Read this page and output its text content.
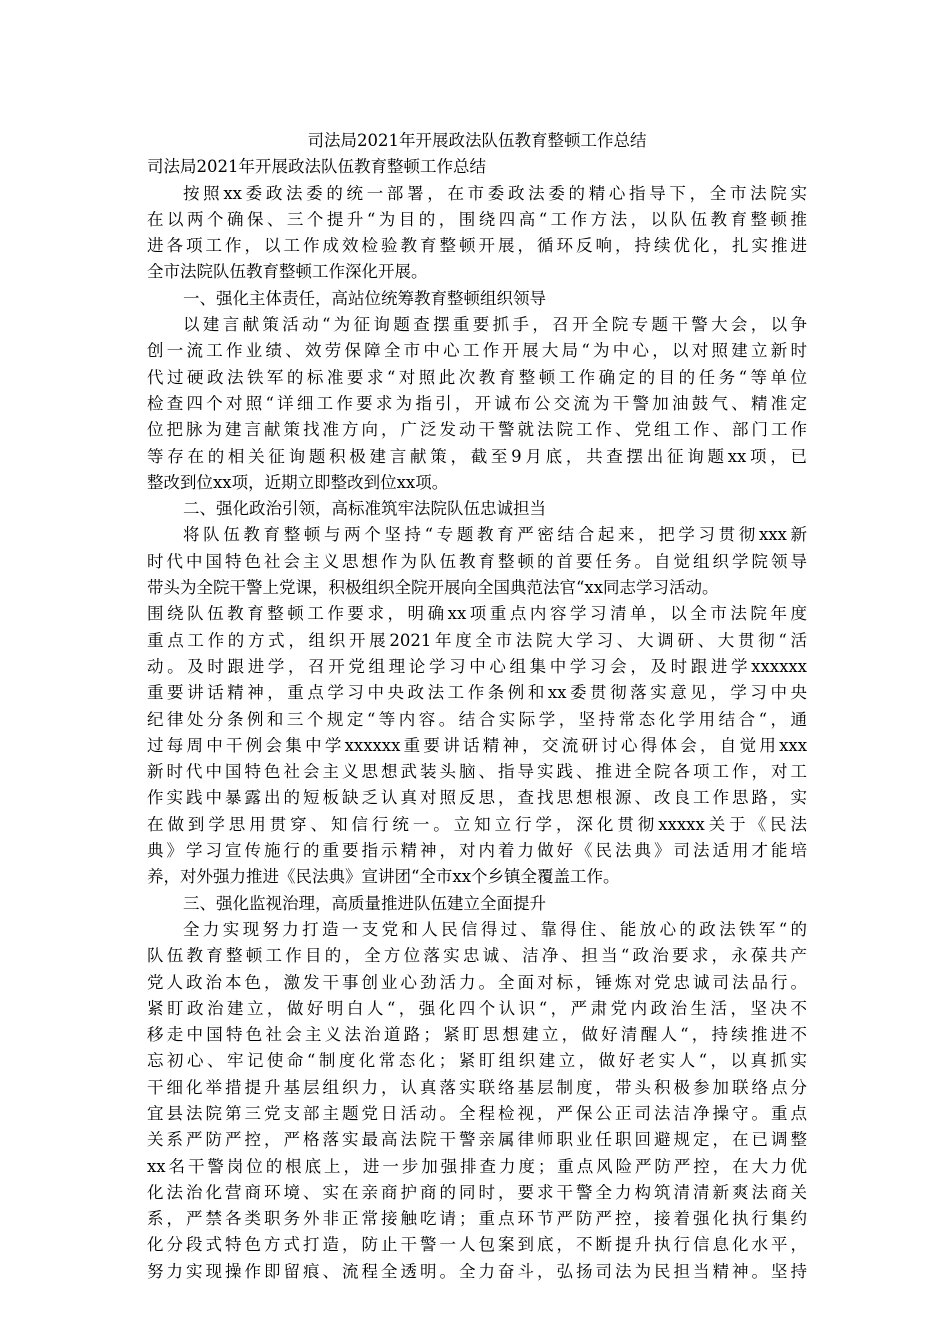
司法局2021年开展政法队伍教育整顿工作总结
司法局2021年开展政法队伍教育整顿工作总结
按照xx委政法委的统一部署，在市委政法委的精心指导下，全市法院实
在以两个确保、三个提升“为目的，围绕四高“工作方法，以队伍教育整顿推
进各项工作，以工作成效检验教育整顿开展，循环反响，持续优化，扎实推进
全市法院队伍教育整顿工作深化开展。
一、强化主体责任，高站位统筹教育整顿组织领导
以建言献策活动“为征询题查摆重要抓手，召开全院专题干警大会，以争
创一流工作业绩、效劳保障全市中心工作开展大局“为中心，以对照建立新时
代过硬政法铁军的标准要求“对照此次教育整顿工作确定的目的任务“等单位
检查四个对照“详细工作要求为指引，开诚布公交流为干警加油鼓气、精准定
位把脉为建言献策找准方向，广泛发动干警就法院工作、党组工作、部门工作
等存在的相关征询题积极建言献策，截至9月底，共查摆出征询题xx项，已
整改到位xx项，近期立即整改到位xx项。
二、强化政治引领，高标准筑牢法院队伍忠诚担当
将队伍教育整顿与两个坚持“专题教育严密结合起来，把学习贯彻xxx新
时代中国特色社会主义思想作为队伍教育整顿的首要任务。自觉组织学院领导
带头为全院干警上党课，积极组织全院开展向全国典范法官“xx同志学习活动。
围绕队伍教育整顿工作要求，明确xx项重点内容学习清单，以全市法院年度
重点工作的方式，组织开展2021年度全市法院大学习、大调研、大贯彻“活
动。及时跟进学，召开党组理论学习中心组集中学习会，及时跟进学xxxxxx
重要讲话精神，重点学习中央政法工作条例和xx委贯彻落实意见，学习中央
纪律处分条例和三个规定“等内容。结合实际学，坚持常态化学用结合“，通
过每周中干例会集中学xxxxxx重要讲话精神，交流研讨心得体会，自觉用xxx
新时代中国特色社会主义思想武装头脑、指导实践、推进全院各项工作，对工
作实践中暴露出的短板缺乏认真对照反思，查找思想根源、改良工作思路，实
在做到学思用贯穿、知信行统一。立知立行学，深化贯彻xxxxx关于《民法
典》学习宣传施行的重要指示精神，对内着力做好《民法典》司法适用才能培
养，对外强力推进《民法典》宣讲团“全市xx个乡镇全覆盖工作。
三、强化监视治理，高质量推进队伍建立全面提升
全力实现努力打造一支党和人民信得过、靠得住、能放心的政法铁军“的
队伍教育整顿工作目的，全方位落实忠诚、洁净、担当“政治要求，永葆共产
党人政治本色，激发干事创业心劲活力。全面对标，锤炼对党忠诚司法品行。
紧盯政治建立，做好明白人“，强化四个认识“，严肃党内政治生活，坚决不
移走中国特色社会主义法治道路；紧盯思想建立，做好清醒人“，持续推进不
忘初心、牢记使命“制度化常态化；紧盯组织建立，做好老实人“，以真抓实
干细化举措提升基层组织力，认真落实联络基层制度，带头积极参加联络点分
宜县法院第三党支部主题党日活动。全程检视，严保公正司法洁净操守。重点
关系严防严控，严格落实最高法院干警亲属律师职业任职回避规定，在已调整
xx名干警岗位的根底上，进一步加强排查力度；重点风险严防严控，在大力优
化法治化营商环境、实在亲商护商的同时，要求干警全力构筑清清新爽法商关
系，严禁各类职务外非正常接触吃请；重点环节严防严控，接着强化执行集约
化分段式特色方式打造，防止干警一人包案到底，不断提升执行信息化水平，
努力实现操作即留痕、流程全透明。全力奋斗，弘扬司法为民担当精神。坚持
